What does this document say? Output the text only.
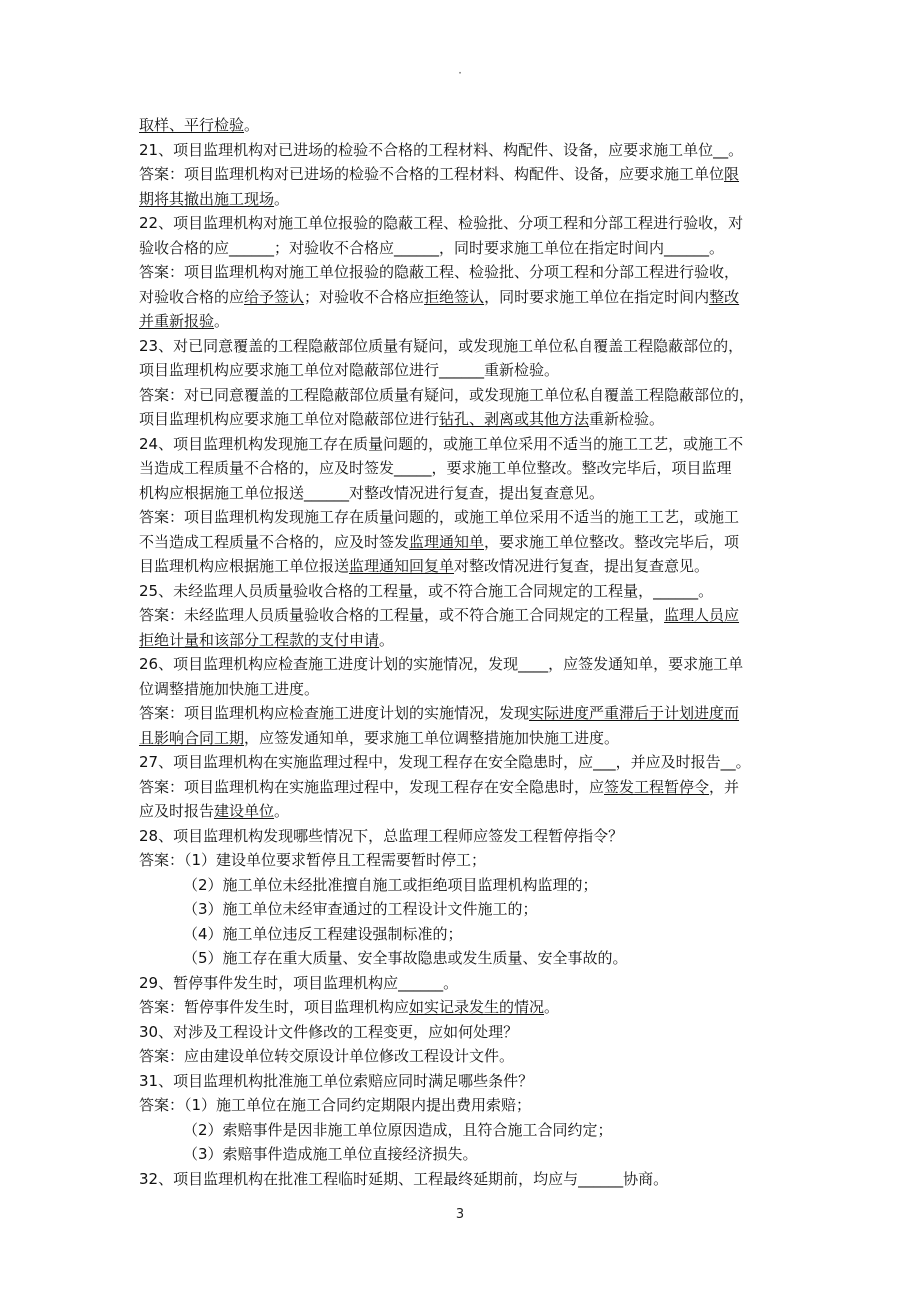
·
取样、平行检验。
21、项目监理机构对已进场的检验不合格的工程材料、构配件、设备，应要求施工单位__。
答案：项目监理机构对已进场的检验不合格的工程材料、构配件、设备，应要求施工单位限
期将其撤出施工现场。
22、项目监理机构对施工单位报验的隐蔽工程、检验批、分项工程和分部工程进行验收，对
验收合格的应______；对验收不合格应______，同时要求施工单位在指定时间内______。
答案：项目监理机构对施工单位报验的隐蔽工程、检验批、分项工程和分部工程进行验收，
对验收合格的应给予签认；对验收不合格应拒绝签认，同时要求施工单位在指定时间内整改
并重新报验。
23、对已同意覆盖的工程隐蔽部位质量有疑问，或发现施工单位私自覆盖工程隐蔽部位的，
项目监理机构应要求施工单位对隐蔽部位进行______重新检验。
答案：对已同意覆盖的工程隐蔽部位质量有疑问，或发现施工单位私自覆盖工程隐蔽部位的，
项目监理机构应要求施工单位对隐蔽部位进行钻孔、剥离或其他方法重新检验。
24、项目监理机构发现施工存在质量问题的，或施工单位采用不适当的施工工艺，或施工不
当造成工程质量不合格的，应及时签发_____，要求施工单位整改。整改完毕后，项目监理
机构应根据施工单位报送______对整改情况进行复查，提出复查意见。
答案：项目监理机构发现施工存在质量问题的，或施工单位采用不适当的施工工艺，或施工
不当造成工程质量不合格的，应及时签发监理通知单，要求施工单位整改。整改完毕后，项
目监理机构应根据施工单位报送监理通知回复单对整改情况进行复查，提出复查意见。
25、未经监理人员质量验收合格的工程量，或不符合施工合同规定的工程量，______。
答案：未经监理人员质量验收合格的工程量，或不符合施工合同规定的工程量，监理人员应
拒绝计量和该部分工程款的支付申请。
26、项目监理机构应检查施工进度计划的实施情况，发现____，应签发通知单，要求施工单
位调整措施加快施工进度。
答案：项目监理机构应检查施工进度计划的实施情况，发现实际进度严重滞后于计划进度而
且影响合同工期，应签发通知单，要求施工单位调整措施加快施工进度。
27、项目监理机构在实施监理过程中，发现工程存在安全隐患时，应___，并应及时报告__。
答案：项目监理机构在实施监理过程中，发现工程存在安全隐患时，应签发工程暂停令，并
应及时报告建设单位。
28、项目监理机构发现哪些情况下，总监理工程师应签发工程暂停指令？
答案：（1）建设单位要求暂停且工程需要暂时停工；
（2）施工单位未经批准擅自施工或拒绝项目监理机构监理的；
（3）施工单位未经审查通过的工程设计文件施工的；
（4）施工单位违反工程建设强制标准的；
（5）施工存在重大质量、安全事故隐患或发生质量、安全事故的。
29、暂停事件发生时，项目监理机构应______。
答案：暂停事件发生时，项目监理机构应如实记录发生的情况。
30、对涉及工程设计文件修改的工程变更，应如何处理？
答案：应由建设单位转交原设计单位修改工程设计文件。
31、项目监理机构批准施工单位索赔应同时满足哪些条件？
答案：（1）施工单位在施工合同约定期限内提出费用索赔；
（2）索赔事件是因非施工单位原因造成，且符合施工合同约定；
（3）索赔事件造成施工单位直接经济损失。
32、项目监理机构在批准工程临时延期、工程最终延期前，均应与______协商。
3
